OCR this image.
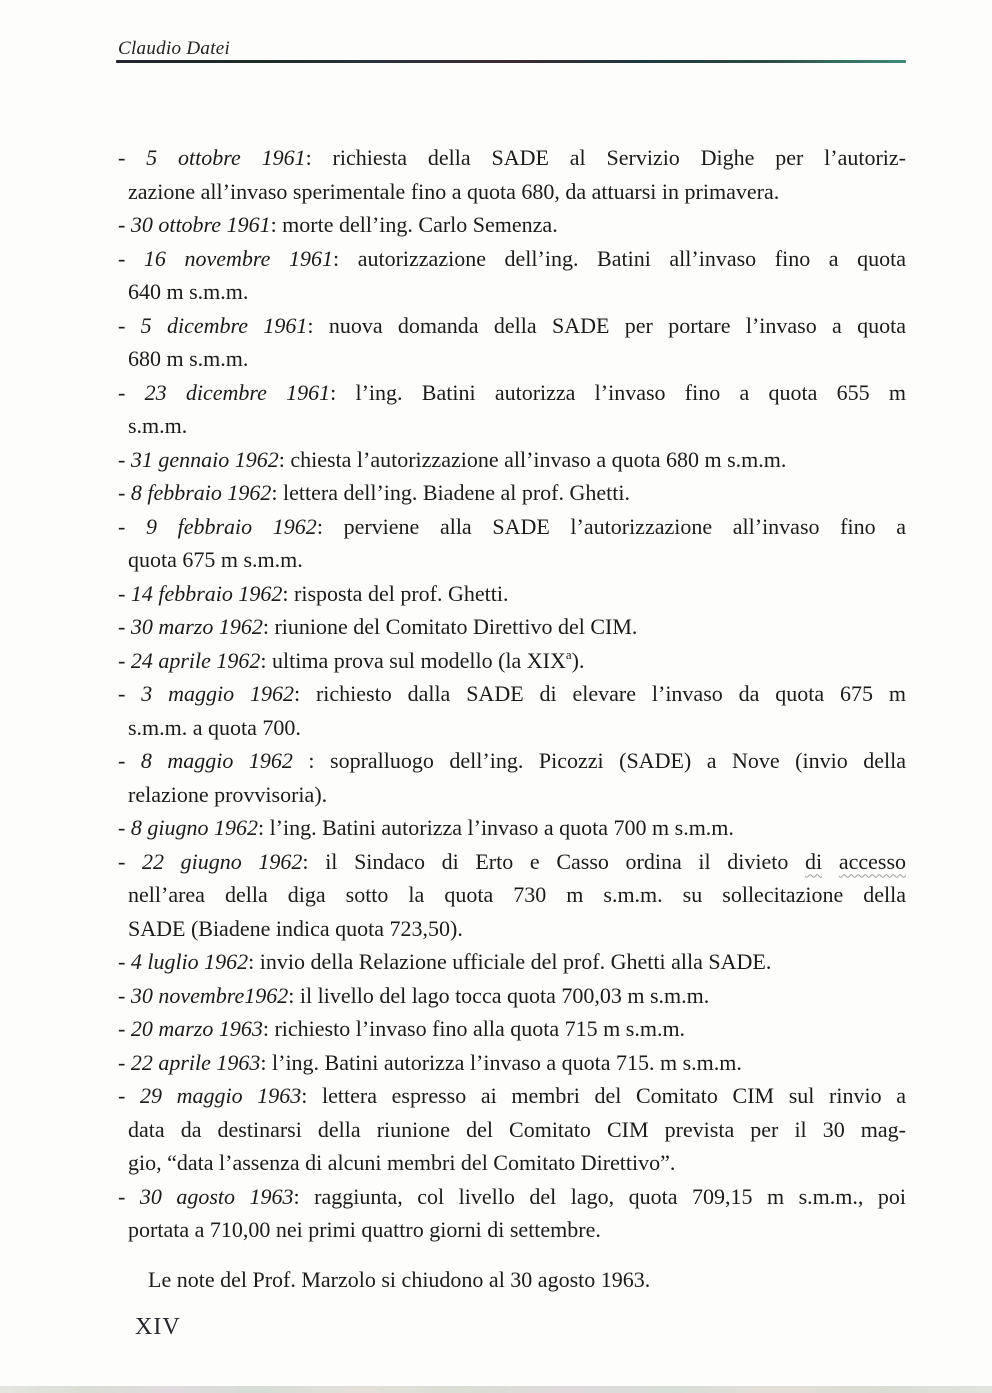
Claudio Datei
- 5 ottobre 1961: richiesta della SADE al Servizio Dighe per l’autoriz-
zazione all’invaso sperimentale fino a quota 680, da attuarsi in primavera.
- 30 ottobre 1961: morte dell’ing. Carlo Semenza.
- 16 novembre 1961: autorizzazione dell’ing. Batini all’invaso fino a quota
640 m s.m.m.
- 5 dicembre 1961: nuova domanda della SADE per portare l’invaso a quota
680 m s.m.m.
- 23 dicembre 1961: l’ing. Batini autorizza l’invaso fino a quota 655 m
s.m.m.
- 31 gennaio 1962: chiesta l’autorizzazione all’invaso a quota 680 m s.m.m.
- 8 febbraio 1962: lettera dell’ing. Biadene al prof. Ghetti.
- 9 febbraio 1962: perviene alla SADE l’autorizzazione all’invaso fino a
quota 675 m s.m.m.
- 14 febbraio 1962: risposta del prof. Ghetti.
- 30 marzo 1962: riunione del Comitato Direttivo del CIM.
- 24 aprile 1962: ultima prova sul modello (la XIX$^a$).
- 3 maggio 1962: richiesto dalla SADE di elevare l’invaso da quota 675 m
s.m.m. a quota 700.
- 8 maggio 1962 : sopralluogo dell’ing. Picozzi (SADE) a Nove (invio della
relazione provvisoria).
- 8 giugno 1962: l’ing. Batini autorizza l’invaso a quota 700 m s.m.m.
- 22 giugno 1962: il Sindaco di Erto e Casso ordina il divieto di accesso
nell’area della diga sotto la quota 730 m s.m.m. su sollecitazione della
SADE (Biadene indica quota 723,50).
- 4 luglio 1962: invio della Relazione ufficiale del prof. Ghetti alla SADE.
- 30 novembre1962: il livello del lago tocca quota 700,03 m s.m.m.
- 20 marzo 1963: richiesto l’invaso fino alla quota 715 m s.m.m.
- 22 aprile 1963: l’ing. Batini autorizza l’invaso a quota 715. m s.m.m.
- 29 maggio 1963: lettera espresso ai membri del Comitato CIM sul rinvio a
data da destinarsi della riunione del Comitato CIM prevista per il 30 mag-
gio, “data l’assenza di alcuni membri del Comitato Direttivo”.
- 30 agosto 1963: raggiunta, col livello del lago, quota 709,15 m s.m.m., poi
portata a 710,00 nei primi quattro giorni di settembre.
Le note del Prof. Marzolo si chiudono al 30 agosto 1963.
XIV
